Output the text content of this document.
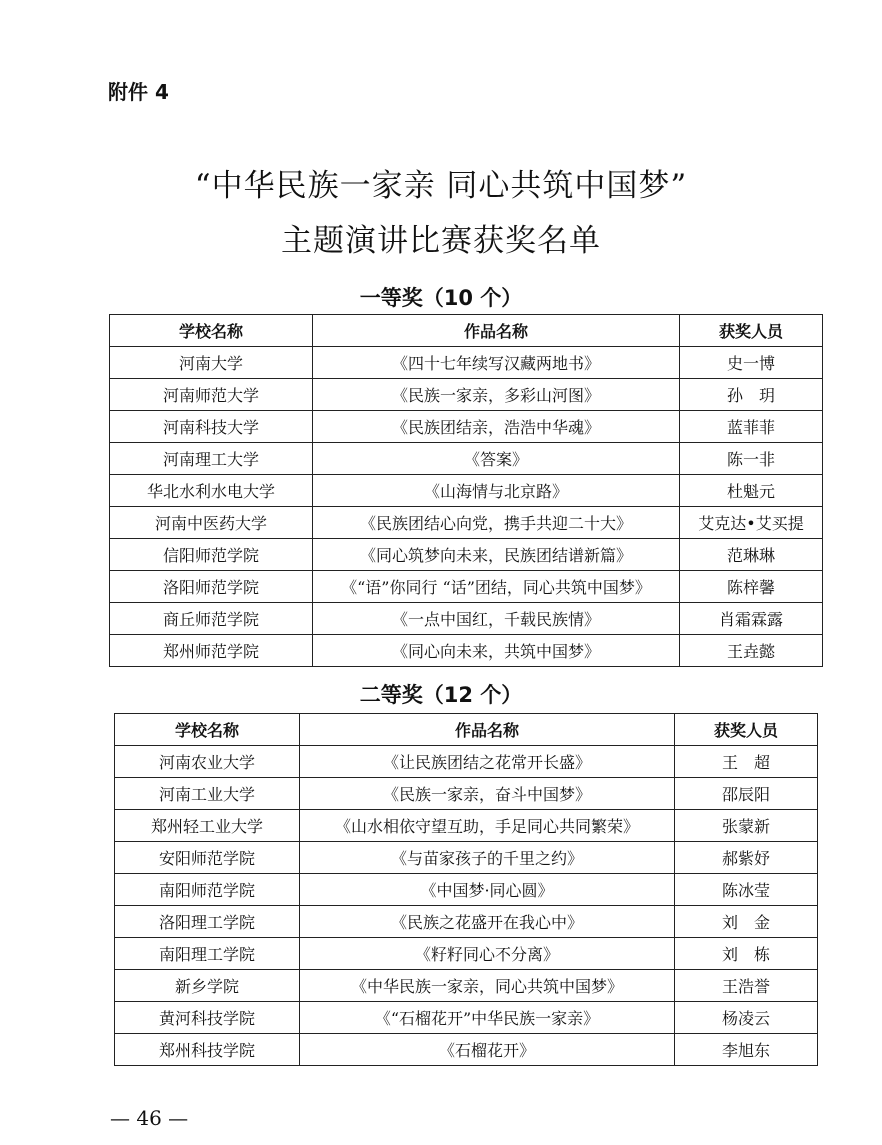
附件 4
“中华民族一家亲 同心共筑中国梦”
主题演讲比赛获奖名单
一等奖（10 个）
学校名称	作品名称	获奖人员
河南大学	《四十七年续写汉藏两地书》	史一博
河南师范大学	《民族一家亲，多彩山河图》	孙　玥
河南科技大学	《民族团结亲，浩浩中华魂》	蓝菲菲
河南理工大学	《答案》	陈一非
华北水利水电大学	《山海情与北京路》	杜魁元
河南中医药大学	《民族团结心向党，携手共迎二十大》	艾克达•艾买提
信阳师范学院	《同心筑梦向未来，民族团结谱新篇》	范琳琳
洛阳师范学院	《“语”你同行 “话”团结，同心共筑中国梦》	陈梓馨
商丘师范学院	《一点中国红，千载民族情》	肖霜霖露
郑州师范学院	《同心向未来，共筑中国梦》	王垚懿
二等奖（12 个）
学校名称	作品名称	获奖人员
河南农业大学	《让民族团结之花常开长盛》	王　超
河南工业大学	《民族一家亲，奋斗中国梦》	邵辰阳
郑州轻工业大学	《山水相依守望互助，手足同心共同繁荣》	张蒙新
安阳师范学院	《与苗家孩子的千里之约》	郝紫妤
南阳师范学院	《中国梦·同心圆》	陈冰莹
洛阳理工学院	《民族之花盛开在我心中》	刘　金
南阳理工学院	《籽籽同心不分离》	刘　栋
新乡学院	《中华民族一家亲，同心共筑中国梦》	王浩誉
黄河科技学院	《“石榴花开”中华民族一家亲》	杨凌云
郑州科技学院	《石榴花开》	李旭东
— 46 —
